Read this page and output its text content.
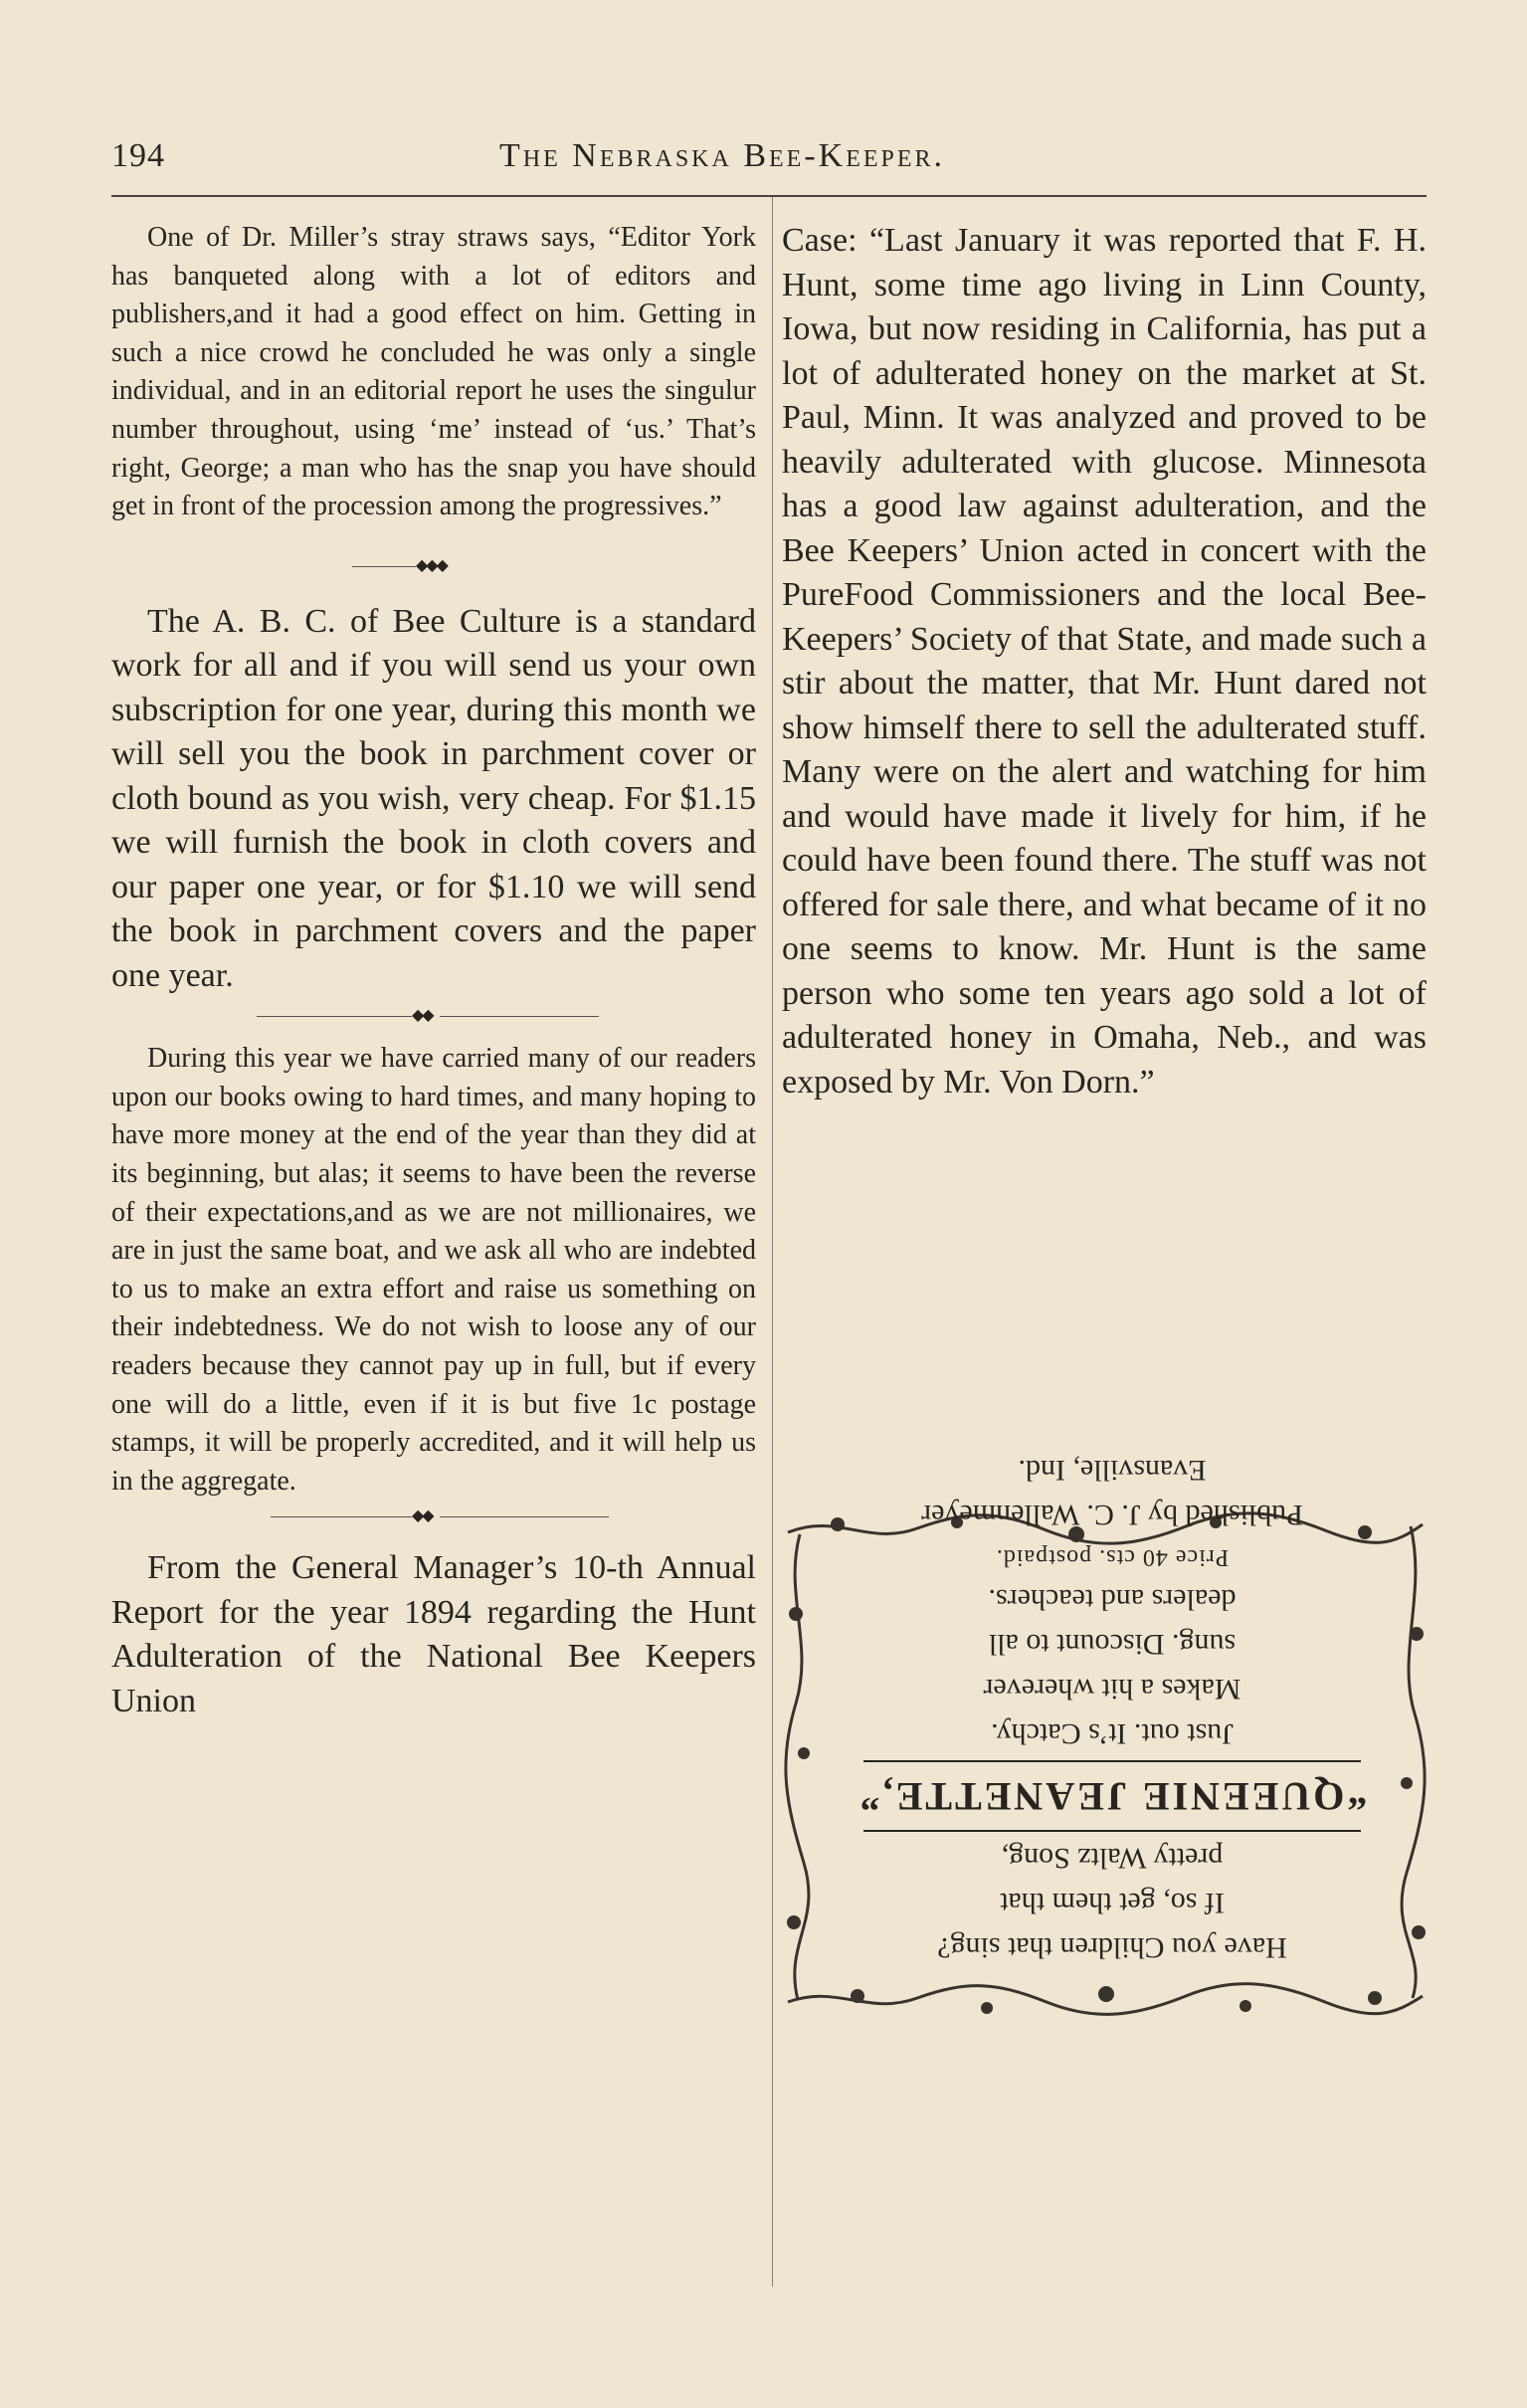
194	The Nebraska Bee-Keeper.

One of Dr. Miller’s stray straws says, “Editor York has banqueted along with a lot of editors and publishers,and it had a good effect on him. Getting in such a nice crowd he concluded he was only a single individual, and in an editorial report he uses the singulur number throughout, using ‘me’ instead of ‘us.’ That’s right, George; a man who has the snap you have should get in front of the procession among the progressives.”

◆◆◆

The A. B. C. of Bee Culture is a standard work for all and if you will send us your own subscription for one year, during this month we will sell you the book in parchment cover or cloth bound as you wish, very cheap. For $1.15 we will furnish the book in cloth covers and our paper one year, or for $1.10 we will send the book in parchment covers and the paper one year.

◆◆

During this year we have carried many of our readers upon our books owing to hard times, and many hoping to have more money at the end of the year than they did at its beginning, but alas; it seems to have been the reverse of their expectations,and as we are not millionaires, we are in just the same boat, and we ask all who are indebted to us to make an extra effort and raise us something on their indebtedness. We do not wish to loose any of our readers because they cannot pay up in full, but if every one will do a little, even if it is but five 1c postage stamps, it will be properly accredited, and it will help us in the aggregate.

◆◆

From the General Manager’s 10-th Annual Report for the year 1894 regarding the Hunt Adulteration of the National Bee Keepers Union

Case: “Last January it was reported that F. H. Hunt, some time ago living in Linn County, Iowa, but now residing in California, has put a lot of adulterated honey on the market at St. Paul, Minn. It was analyzed and proved to be heavily adulterated with glucose. Minnesota has a good law against adulteration, and the Bee Keepers’ Union acted in concert with the PureFood Commissioners and the local Bee-Keepers’ Society of that State, and made such a stir about the matter, that Mr. Hunt dared not show himself there to sell the adulterated stuff. Many were on the alert and watching for him and would have made it lively for him, if he could have been found there. The stuff was not offered for sale there, and what became of it no one seems to know. Mr. Hunt is the same person who some ten years ago sold a lot of adulterated honey in Omaha, Neb., and was exposed by Mr. Von Dorn.”

Have you Children that sing?
If so, get them that
pretty Waltz Song,
“QUEENIE JEANETTE,”
Just out. It’s Catchy.
Makes a hit wherever
sung. Discount to all
dealers and teachers.
Price 40 cts. postpaid.
Published by J. C. Wallenmeyer
Evansville, Ind.
